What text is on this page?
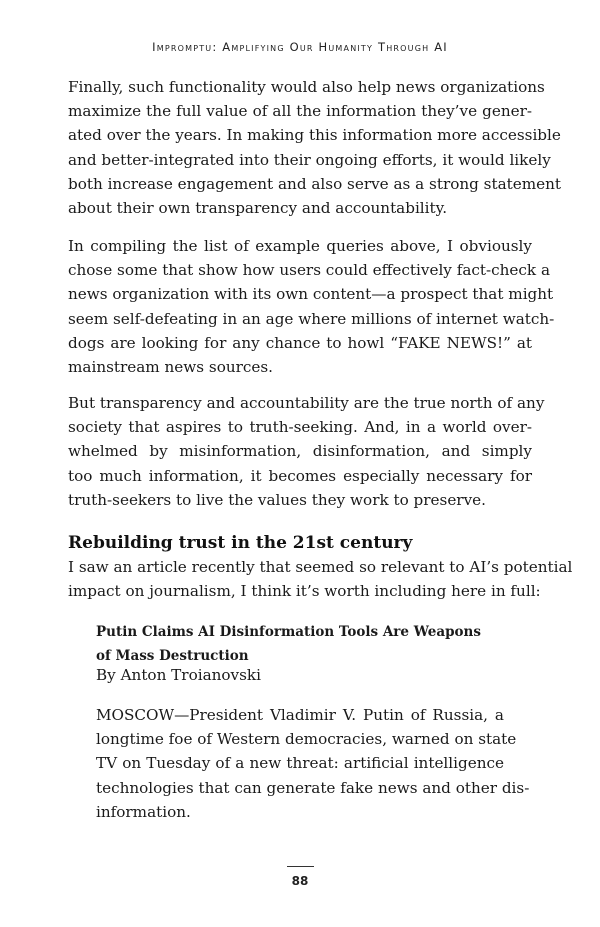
Impromptu: Amplifying Our Humanity Through AI
Finally, such functionality would also help news organizations
maximize the full value of all the information they’ve gener-
ated over the years. In making this information more accessible
and better-integrated into their ongoing efforts, it would likely
both increase engagement and also serve as a strong statement
about their own transparency and accountability.
In compiling the list of example queries above, I obviously
chose some that show how users could effectively fact-check a
news organization with its own content—a prospect that might
seem self-defeating in an age where millions of internet watch-
dogs are looking for any chance to howl “FAKE NEWS!” at
mainstream news sources.
But transparency and accountability are the true north of any
society that aspires to truth-seeking. And, in a world over-
whelmed by misinformation, disinformation, and simply
too much information, it becomes especially necessary for
truth-seekers to live the values they work to preserve.
Rebuilding trust in the 21st century
I saw an article recently that seemed so relevant to AI’s potential
impact on journalism, I think it’s worth including here in full:
Putin Claims AI Disinformation Tools Are Weapons
of Mass Destruction
By Anton Troianovski
MOSCOW—President Vladimir V. Putin of Russia, a
longtime foe of Western democracies, warned on state
TV on Tuesday of a new threat: artificial intelligence
technologies that can generate fake news and other dis-
information.
88
